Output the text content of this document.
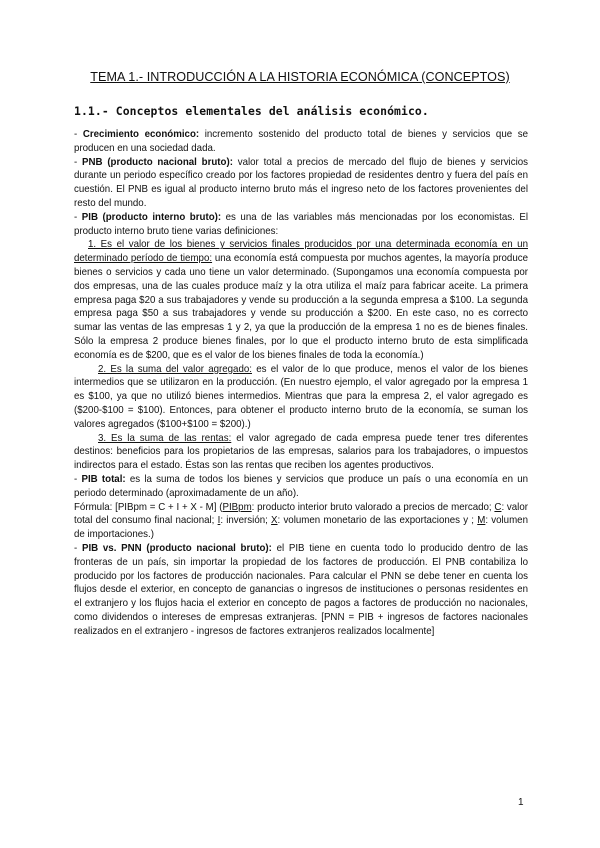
TEMA 1.- INTRODUCCIÓN A LA HISTORIA ECONÓMICA (CONCEPTOS)
1.1.- Conceptos elementales del análisis económico.

- Crecimiento económico: incremento sostenido del producto total de bienes y servicios que se producen en una sociedad dada.

- PNB (producto nacional bruto): valor total a precios de mercado del flujo de bienes y servicios durante un periodo específico creado por los factores propiedad de residentes dentro y fuera del país en cuestión. El PNB es igual al producto interno bruto más el ingreso neto de los factores provenientes del resto del mundo.

- PIB (producto interno bruto): es una de las variables más mencionadas por los economistas. El producto interno bruto tiene varias definiciones:

1. Es el valor de los bienes y servicios finales producidos por una determinada economía en un determinado período de tiempo: una economía está compuesta por muchos agentes, la mayoría produce bienes o servicios y cada uno tiene un valor determinado. (Supongamos una economía compuesta por dos empresas, una de las cuales produce maíz y la otra utiliza el maíz para fabricar aceite. La primera empresa paga $20 a sus trabajadores y vende su producción a la segunda empresa a $100. La segunda empresa paga $50 a sus trabajadores y vende su producción a $200. En este caso, no es correcto sumar las ventas de las empresas 1 y 2, ya que la producción de la empresa 1 no es de bienes finales. Sólo la empresa 2 produce bienes finales, por lo que el producto interno bruto de esta simplificada economía es de $200, que es el valor de los bienes finales de toda la economía.)

2. Es la suma del valor agregado: es el valor de lo que produce, menos el valor de los bienes intermedios que se utilizaron en la producción. (En nuestro ejemplo, el valor agregado por la empresa 1 es $100, ya que no utilizó bienes intermedios. Mientras que para la empresa 2, el valor agregado es ($200-$100 = $100). Entonces, para obtener el producto interno bruto de la economía, se suman los valores agregados ($100+$100 = $200).)

3. Es la suma de las rentas: el valor agregado de cada empresa puede tener tres diferentes destinos: beneficios para los propietarios de las empresas, salarios para los trabajadores, o impuestos indirectos para el estado. Éstas son las rentas que reciben los agentes productivos.

- PIB total: es la suma de todos los bienes y servicios que produce un país o una economía en un periodo determinado (aproximadamente de un año).

Fórmula: [PIBpm = C + I + X - M] (PIBpm: producto interior bruto valorado a precios de mercado; C: valor total del consumo final nacional; I: inversión; X: volumen monetario de las exportaciones y ; M: volumen de importaciones.)

- PIB vs. PNN (producto nacional bruto): el PIB tiene en cuenta todo lo producido dentro de las fronteras de un país, sin importar la propiedad de los factores de producción. El PNB contabiliza lo producido por los factores de producción nacionales. Para calcular el PNN se debe tener en cuenta los flujos desde el exterior, en concepto de ganancias o ingresos de instituciones o personas residentes en el extranjero y los flujos hacia el exterior en concepto de pagos a factores de producción no nacionales, como dividendos o intereses de empresas extranjeras. [PNN = PIB + ingresos de factores nacionales realizados en el extranjero - ingresos de factores extranjeros realizados localmente]

1
